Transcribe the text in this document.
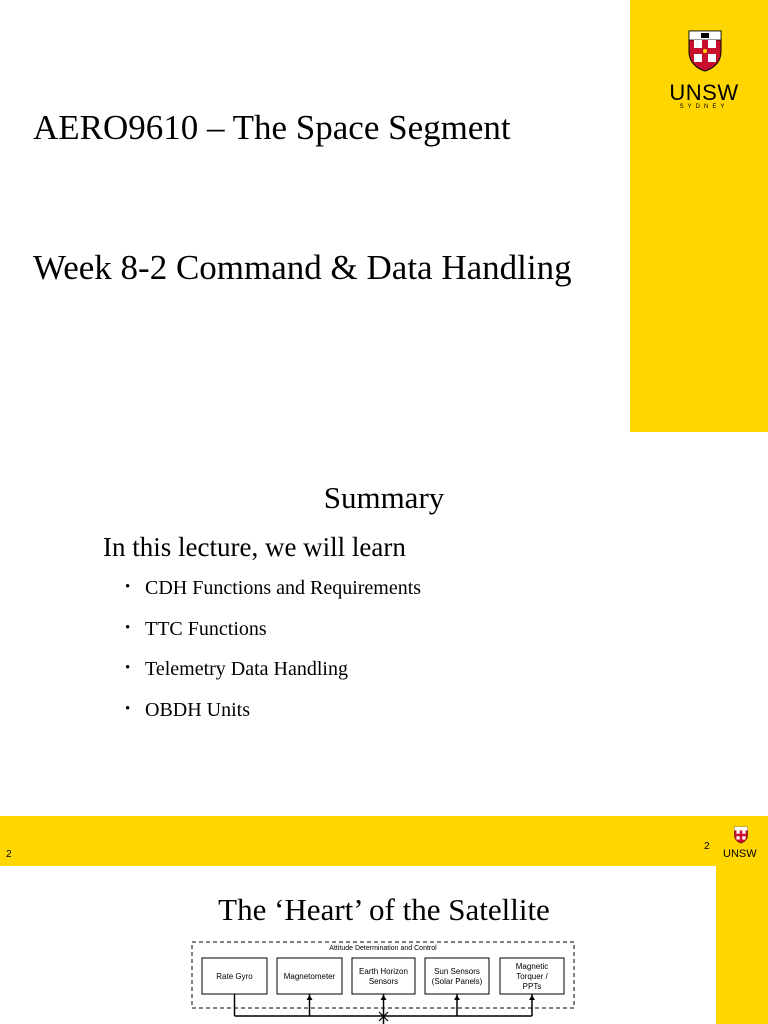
UNSW
SYDNEY
AERO9610 – The Space Segment
Week 8-2 Command & Data Handling
Summary
In this lecture, we will learn
• CDH Functions and Requirements
• TTC Functions
• Telemetry Data Handling
• OBDH Units
2
2
UNSW
The ‘Heart’ of the Satellite
Attitude Determination and Control
Rate Gyro	Magnetometer
Earth Horizon
Sensors
Sun Sensors
(Solar Panels)
Magnetic
Torquer /
PPTs
